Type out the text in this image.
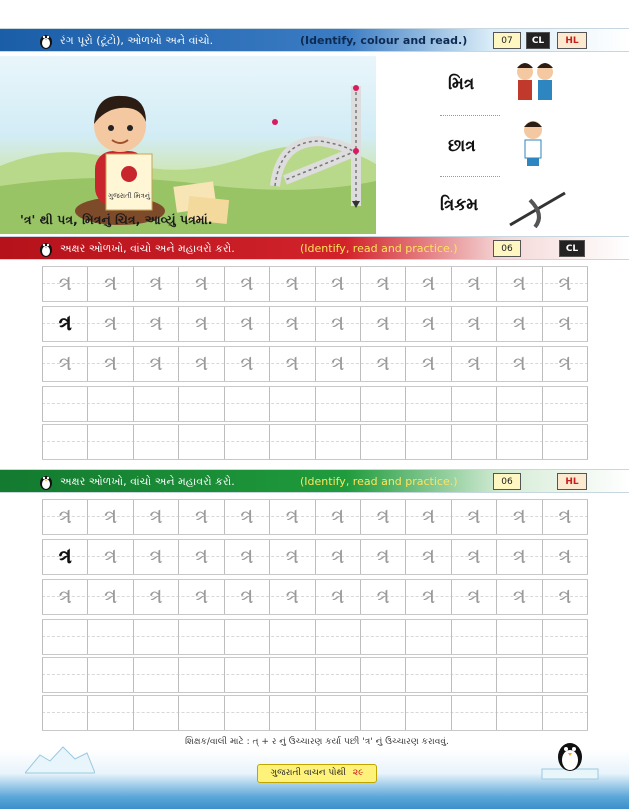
રંગ પૂરો (ટૂંટો), ઓળખો અને વાંચો.	(Identify, colour and read.)	07	CL	HL
ગુજરાતી મિત્રનું
'ત્ર' થી પત્ર, મિત્રનું ચિત્ર, આવ્યું પત્રમાં.
મિત્ર
છાત્ર
ત્રિકમ
અક્ષર ઓળખો, વાંચો અને મહાવરો કરો.	(Identify, read and practice.)	06	CL
ત્ર	ત્ર	ત્ર	ત્ર	ત્ર	ત્ર	ત્ર	ત્ર	ત્ર	ત્ર	ત્ર	ત્ર
ત્ર	ત્ર	ત્ર	ત્ર	ત્ર	ત્ર	ત્ર	ત્ર	ત્ર	ત્ર	ત્ર	ત્ર
ત્ર	ત્ર	ત્ર	ત્ર	ત્ર	ત્ર	ત્ર	ત્ર	ત્ર	ત્ર	ત્ર	ત્ર
અક્ષર ઓળખો, વાંચો અને મહાવરો કરો.	(Identify, read and practice.)	06	HL
ત્ર	ત્ર	ત્ર	ત્ર	ત્ર	ત્ર	ત્ર	ત્ર	ત્ર	ત્ર	ત્ર	ત્ર
ત્ર	ત્ર	ત્ર	ત્ર	ત્ર	ત્ર	ત્ર	ત્ર	ત્ર	ત્ર	ત્ર	ત્ર
ત્ર	ત્ર	ત્ર	ત્ર	ત્ર	ત્ર	ત્ર	ત્ર	ત્ર	ત્ર	ત્ર	ત્ર
શિક્ષક/વાલી માટે : ત્ + ર નું ઉચ્ચારણ કર્યા પછી 'ત્ર' નું ઉચ્ચારણ કરાવવું.
ગુજરાતી વાચન પોથી ૨૯
